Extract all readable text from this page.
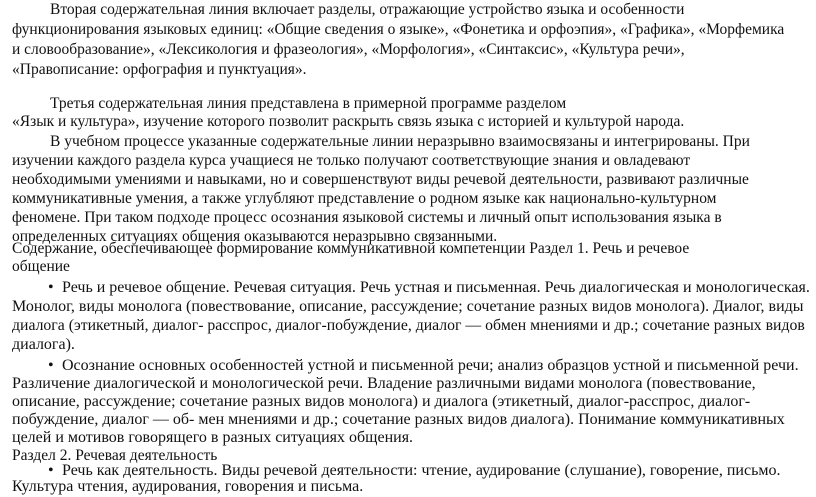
Вторая содержательная линия включает разделы, отражающие устройство языка и особенности
функционирования языковых единиц: «Общие сведения о языке», «Фонетика и орфоэпия», «Графика», «Морфемика
и словообразование», «Лексикология и фразеология», «Морфология», «Синтаксис», «Культура речи»,
«Правописание: орфография и пунктуация».
Третья содержательная линия представлена в примерной программе разделом
«Язык и культура», изучение которого позволит раскрыть связь языка с историей и культурой народа.
В учебном процессе указанные содержательные линии неразрывно взаимосвязаны и интегрированы. При
изучении каждого раздела курса учащиеся не только получают соответствующие знания и овладевают
необходимыми умениями и навыками, но и совершенствуют виды речевой деятельности, развивают различные
коммуникативные умения, а также углубляют представление о родном языке как национально-культурном
феномене. При таком подходе процесс осознания языковой системы и личный опыт использования языка в
определенных ситуациях общения оказываются неразрывно связанными.
Содержание, обеспечивающее формирование коммуникативной компетенции Раздел 1. Речь и речевое
общение
• Речь и речевое общение. Речевая ситуация. Речь устная и письменная. Речь диалогическая и монологическая.
Монолог, виды монолога (повествование, описание, рассуждение; сочетание разных видов монолога). Диалог, виды
диалога (этикетный, диалог- расспрос, диалог-побуждение, диалог — обмен мнениями и др.; сочетание разных видов
диалога).
• Осознание основных особенностей устной и письменной речи; анализ образцов устной и письменной речи.
Различение диалогической и монологической речи. Владение различными видами монолога (повествование,
описание, рассуждение; сочетание разных видов монолога) и диалога (этикетный, диалог-расспрос, диалог-
побуждение, диалог — об- мен мнениями и др.; сочетание разных видов диалога). Понимание коммуникативных
целей и мотивов говорящего в разных ситуациях общения.
Раздел 2. Речевая деятельность
• Речь как деятельность. Виды речевой деятельности: чтение, аудирование (слушание), говорение, письмо.
Культура чтения, аудирования, говорения и письма.
